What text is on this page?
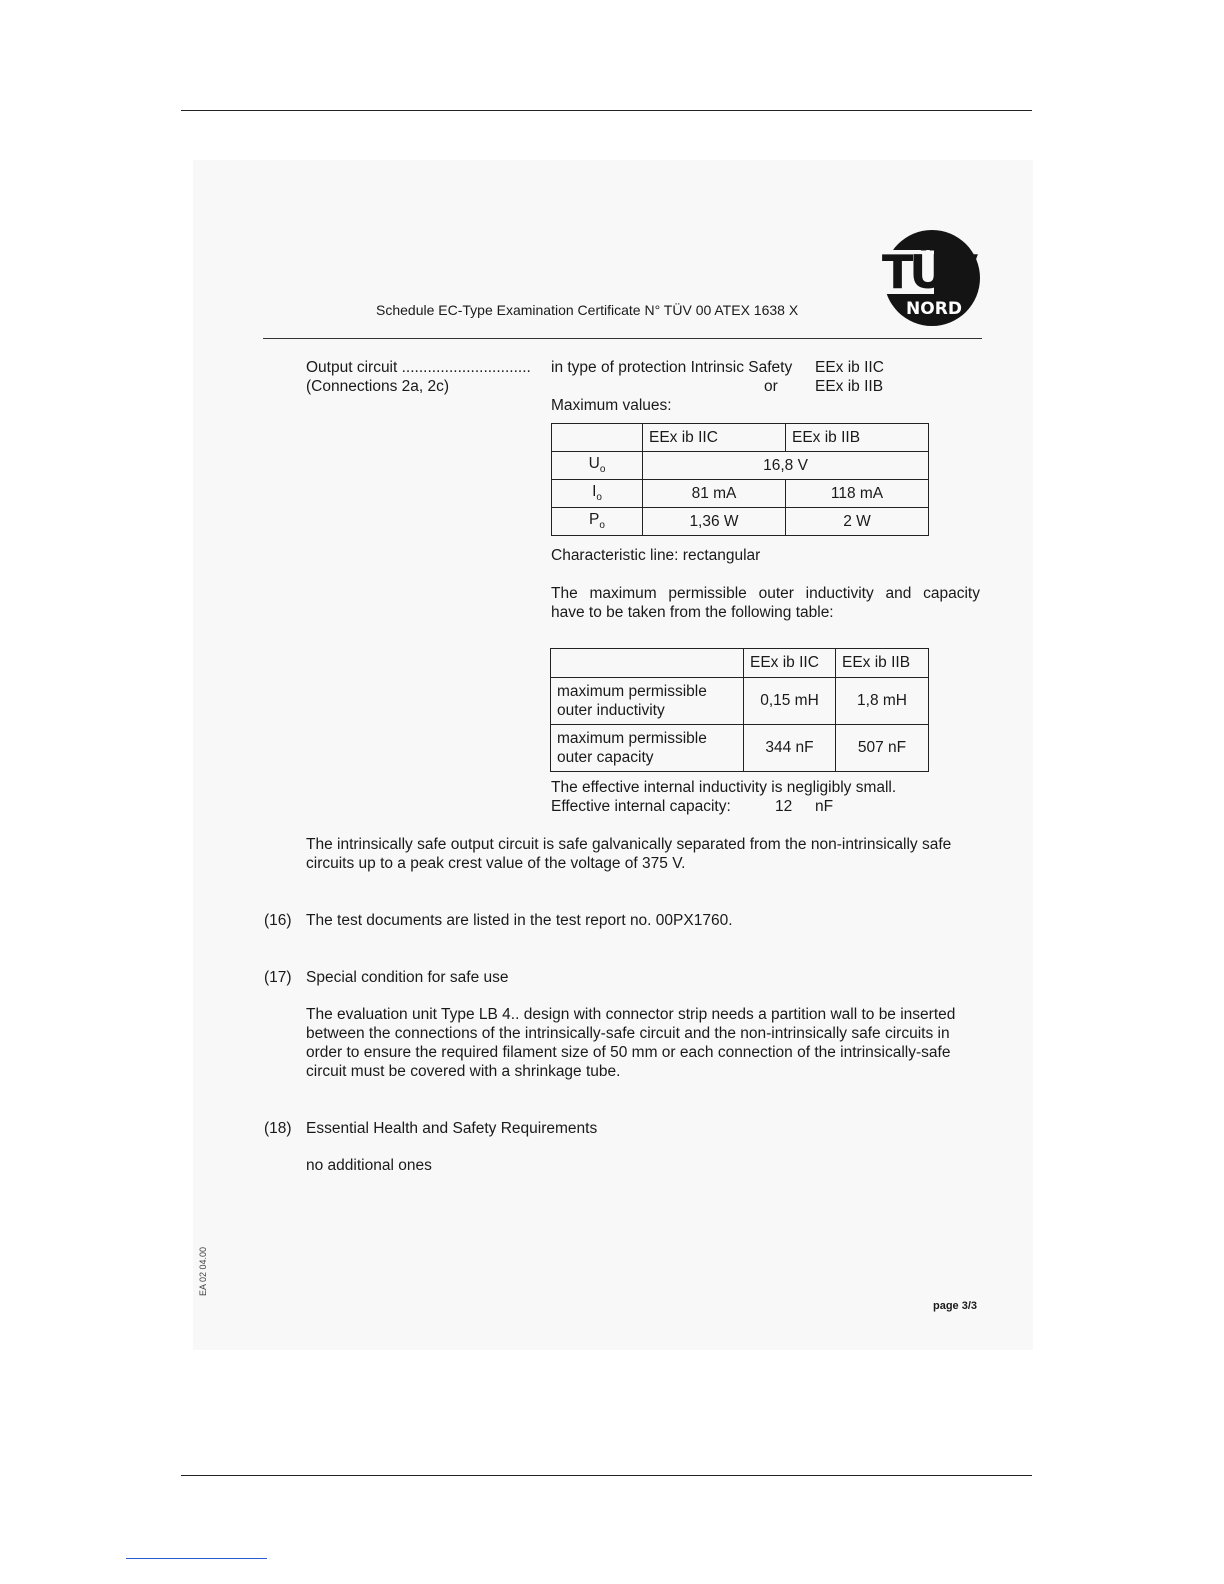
Schedule EC-Type Examination Certificate N° TÜV 00 ATEX 1638 X
TÜV
NORD
Output circuit ..............................
(Connections 2a, 2c)
in type of protection Intrinsic Safety EEx ib IIC
or EEx ib IIB
Maximum values:
	EEx ib IIC	EEx ib IIB
$U_o$	16,8 V	
$I_o$	81 mA	118 mA
$P_o$	1,36 W	2 W
Characteristic line: rectangular
The maximum permissible outer inductivity and capacity
have to be taken from the following table:
	EEx ib IIC	EEx ib IIB
maximum permissible
outer inductivity	0,15 mH	1,8 mH
maximum permissible
outer capacity	344 nF	507 nF
The effective internal inductivity is negligibly small.
Effective internal capacity:	12 nF
The intrinsically safe output circuit is safe galvanically separated from the non-intrinsically safe
circuits up to a peak crest value of the voltage of 375 V.
(16) The test documents are listed in the test report no. 00PX1760.
(17) Special condition for safe use
The evaluation unit Type LB 4.. design with connector strip needs a partition wall to be inserted
between the connections of the intrinsically-safe circuit and the non-intrinsically safe circuits in
order to ensure the required filament size of 50 mm or each connection of the intrinsically-safe
circuit must be covered with a shrinkage tube.
(18) Essential Health and Safety Requirements
no additional ones
EA 02 04.00
page 3/3
